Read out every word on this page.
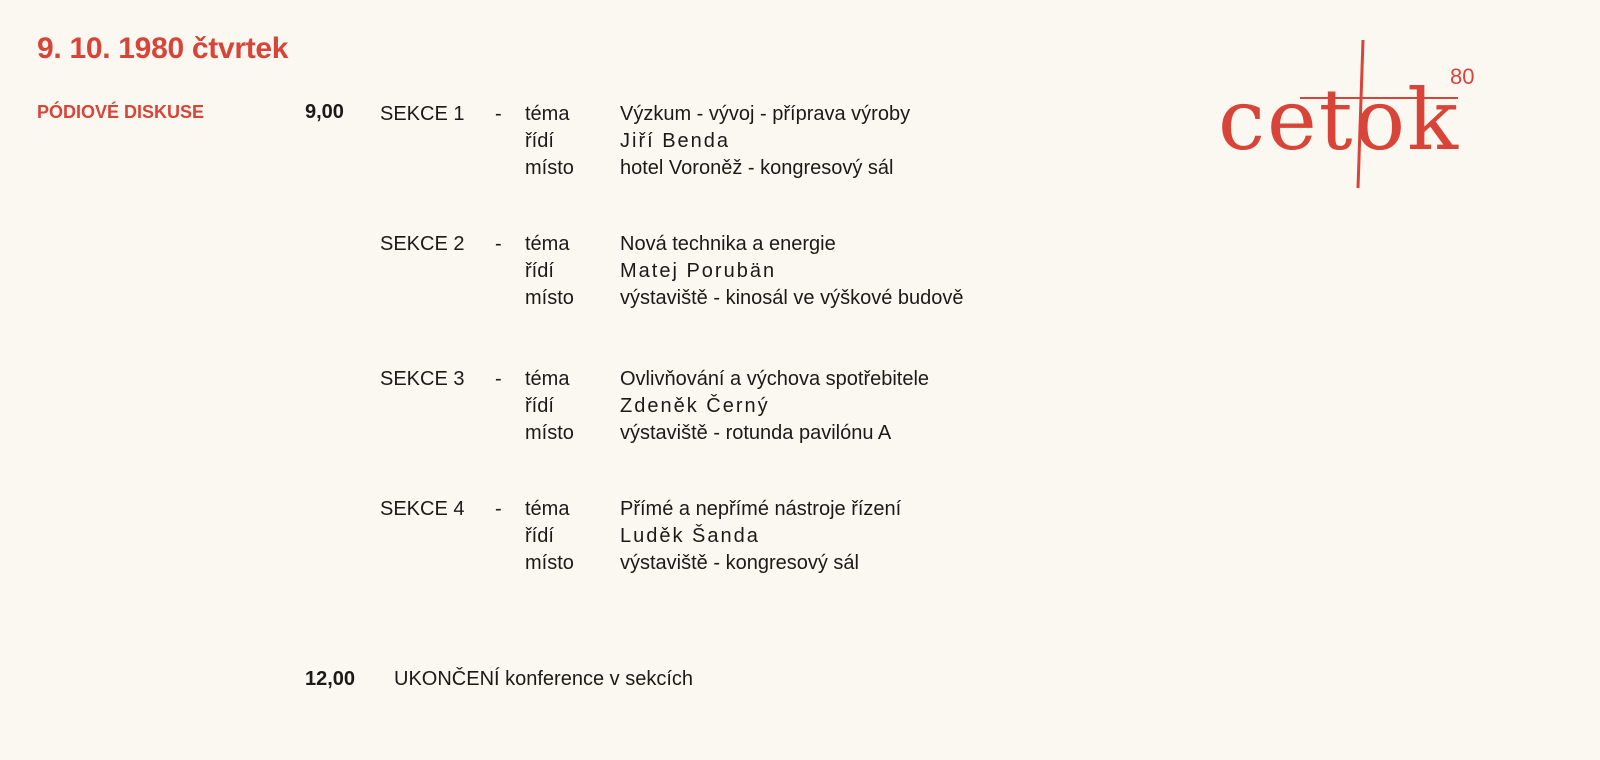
9. 10. 1980 čtvrtek
PÓDIOVÉ DISKUSE	9,00 SEKCE 1 - téma	Výzkum - vývoj - příprava výroby
řídí	Jiří Benda
místo hotel Voroněž - kongresový sál
SEKCE 2 - téma	Nová technika a energie
řídí	Matej Porubän
místo výstaviště - kinosál ve výškové budově
SEKCE 3 - téma	Ovlivňování a výchova spotřebitele
řídí	Zdeněk Černý
místo výstaviště - rotunda pavilónu A
SEKCE 4 - téma	Přímé a nepřímé nástroje řízení
řídí	Luděk Šanda
místo výstaviště - kongresový sál
12,00 UKONČENÍ konference v sekcích
cetok
80
